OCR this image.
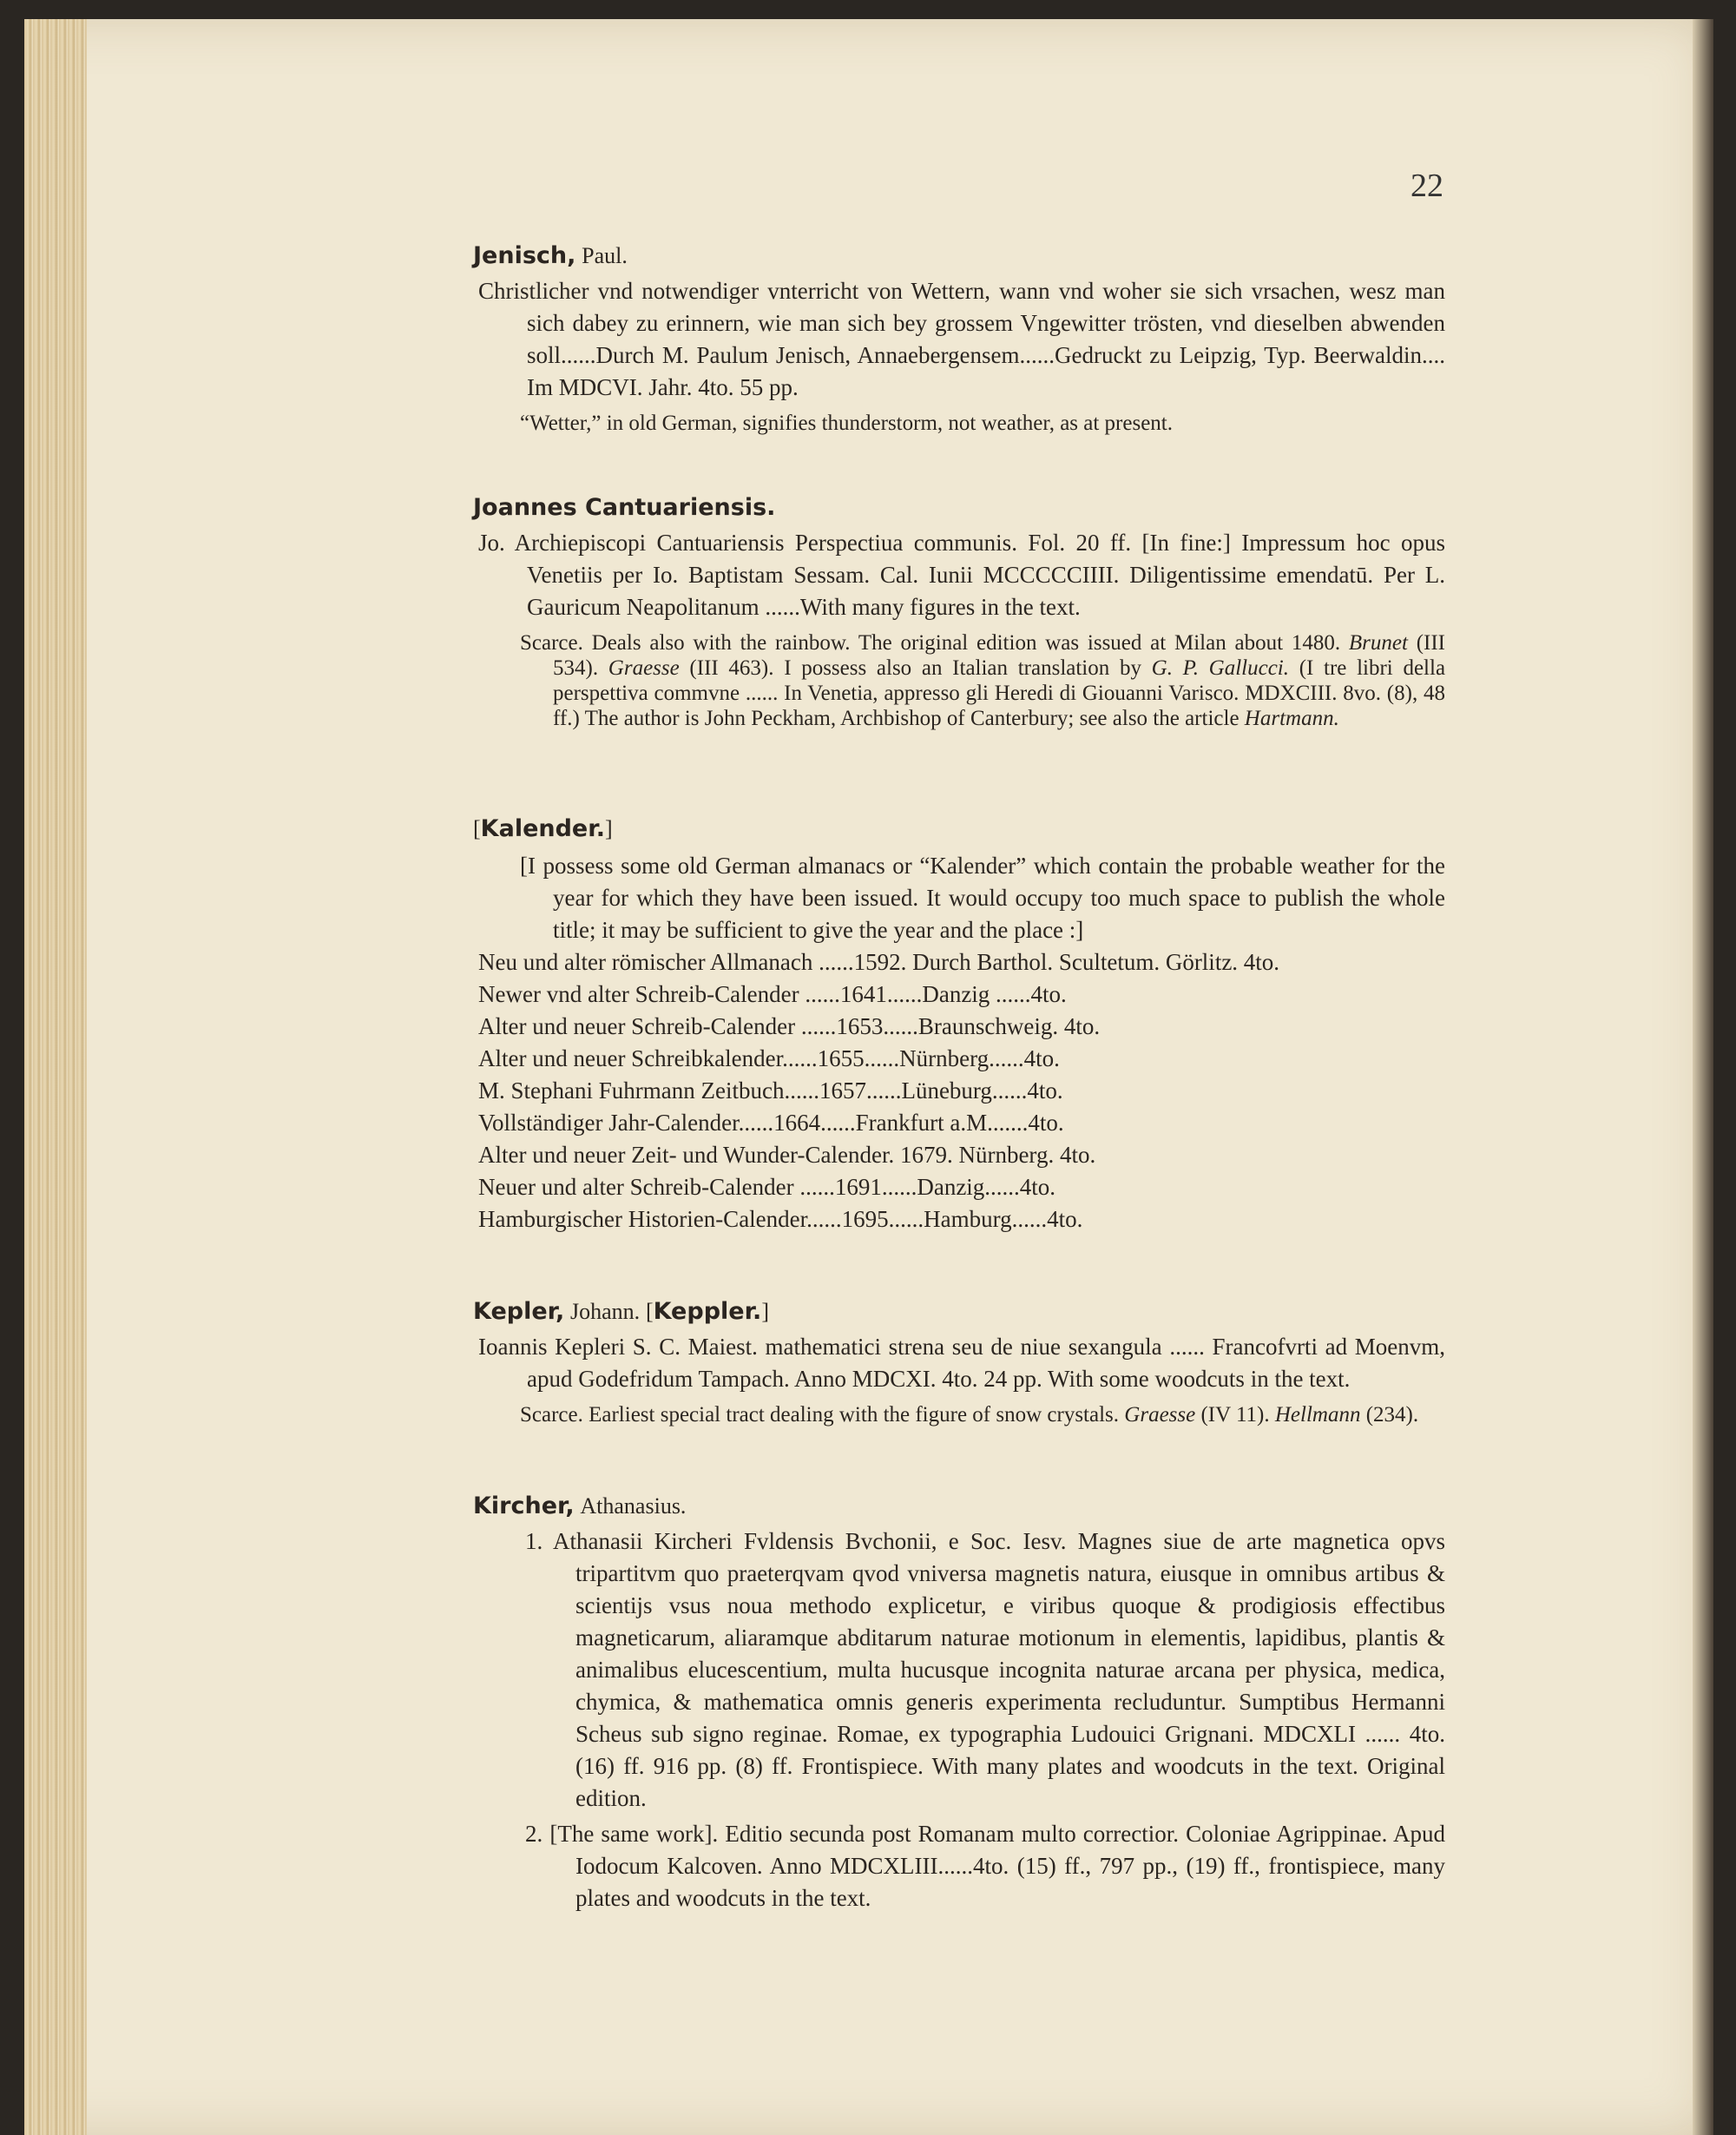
22
Jenisch, Paul.
Christlicher vnd notwendiger vnterricht von Wettern, wann vnd woher sie sich vrsachen, wesz man sich dabey zu erinnern, wie man sich bey grossem Vngewitter trösten, vnd dieselben abwenden soll......Durch M. Paulum Jenisch, Annaebergensem......Gedruckt zu Leipzig, Typ. Beerwaldin.... Im MDCVI. Jahr. 4to. 55 pp.
“Wetter,” in old German, signifies thunderstorm, not weather, as at present.
Joannes Cantuariensis.
Jo. Archiepiscopi Cantuariensis Perspectiua communis. Fol. 20 ff. [In fine:] Impressum hoc opus Venetiis per Io. Baptistam Sessam. Cal. Iunii MCCCCCIIII. Diligentissime emendatū. Per L. Gauricum Neapolitanum ......With many figures in the text.
Scarce. Deals also with the rainbow. The original edition was issued at Milan about 1480. Brunet (III 534). Graesse (III 463). I possess also an Italian translation by G. P. Gallucci. (I tre libri della perspettiva commvne ...... In Venetia, appresso gli Heredi di Giouanni Varisco. MDXCIII. 8vo. (8), 48 ff.) The author is John Peckham, Archbishop of Canterbury; see also the article Hartmann.
[Kalender.]
[I possess some old German almanacs or “Kalender” which contain the probable weather for the year for which they have been issued. It would occupy too much space to publish the whole title; it may be sufficient to give the year and the place :]
Neu und alter römischer Allmanach ......1592. Durch Barthol. Scultetum. Görlitz. 4to.
Newer vnd alter Schreib-Calender ......1641......Danzig ......4to.
Alter und neuer Schreib-Calender ......1653......Braunschweig. 4to.
Alter und neuer Schreibkalender......1655......Nürnberg......4to.
M. Stephani Fuhrmann Zeitbuch......1657......Lüneburg......4to.
Vollständiger Jahr-Calender......1664......Frankfurt a.M.......4to.
Alter und neuer Zeit- und Wunder-Calender. 1679. Nürnberg. 4to.
Neuer und alter Schreib-Calender ......1691......Danzig......4to.
Hamburgischer Historien-Calender......1695......Hamburg......4to.
Kepler, Johann. [Keppler.]
Ioannis Kepleri S. C. Maiest. mathematici strena seu de niue sexangula ...... Francofvrti ad Moenvm, apud Godefridum Tampach. Anno MDCXI. 4to. 24 pp. With some woodcuts in the text.
Scarce. Earliest special tract dealing with the figure of snow crystals. Graesse (IV 11). Hellmann (234).
Kircher, Athanasius.
1. Athanasii Kircheri Fvldensis Bvchonii, e Soc. Iesv. Magnes siue de arte magnetica opvs tripartitvm quo praeterqvam qvod vniversa magnetis natura, eiusque in omnibus artibus & scientijs vsus noua methodo explicetur, e viribus quoque & prodigiosis effectibus magneticarum, aliaramque abditarum naturae motionum in elementis, lapidibus, plantis & animalibus elucescentium, multa hucusque incognita naturae arcana per physica, medica, chymica, & mathematica omnis generis experimenta recluduntur. Sumptibus Hermanni Scheus sub signo reginae. Romae, ex typographia Ludouici Grignani. MDCXLI ...... 4to. (16) ff. 916 pp. (8) ff. Frontispiece. With many plates and woodcuts in the text. Original edition.
2. [The same work]. Editio secunda post Romanam multo correctior. Coloniae Agrippinae. Apud Iodocum Kalcoven. Anno MDCXLIII......4to. (15) ff., 797 pp., (19) ff., frontispiece, many plates and woodcuts in the text.
